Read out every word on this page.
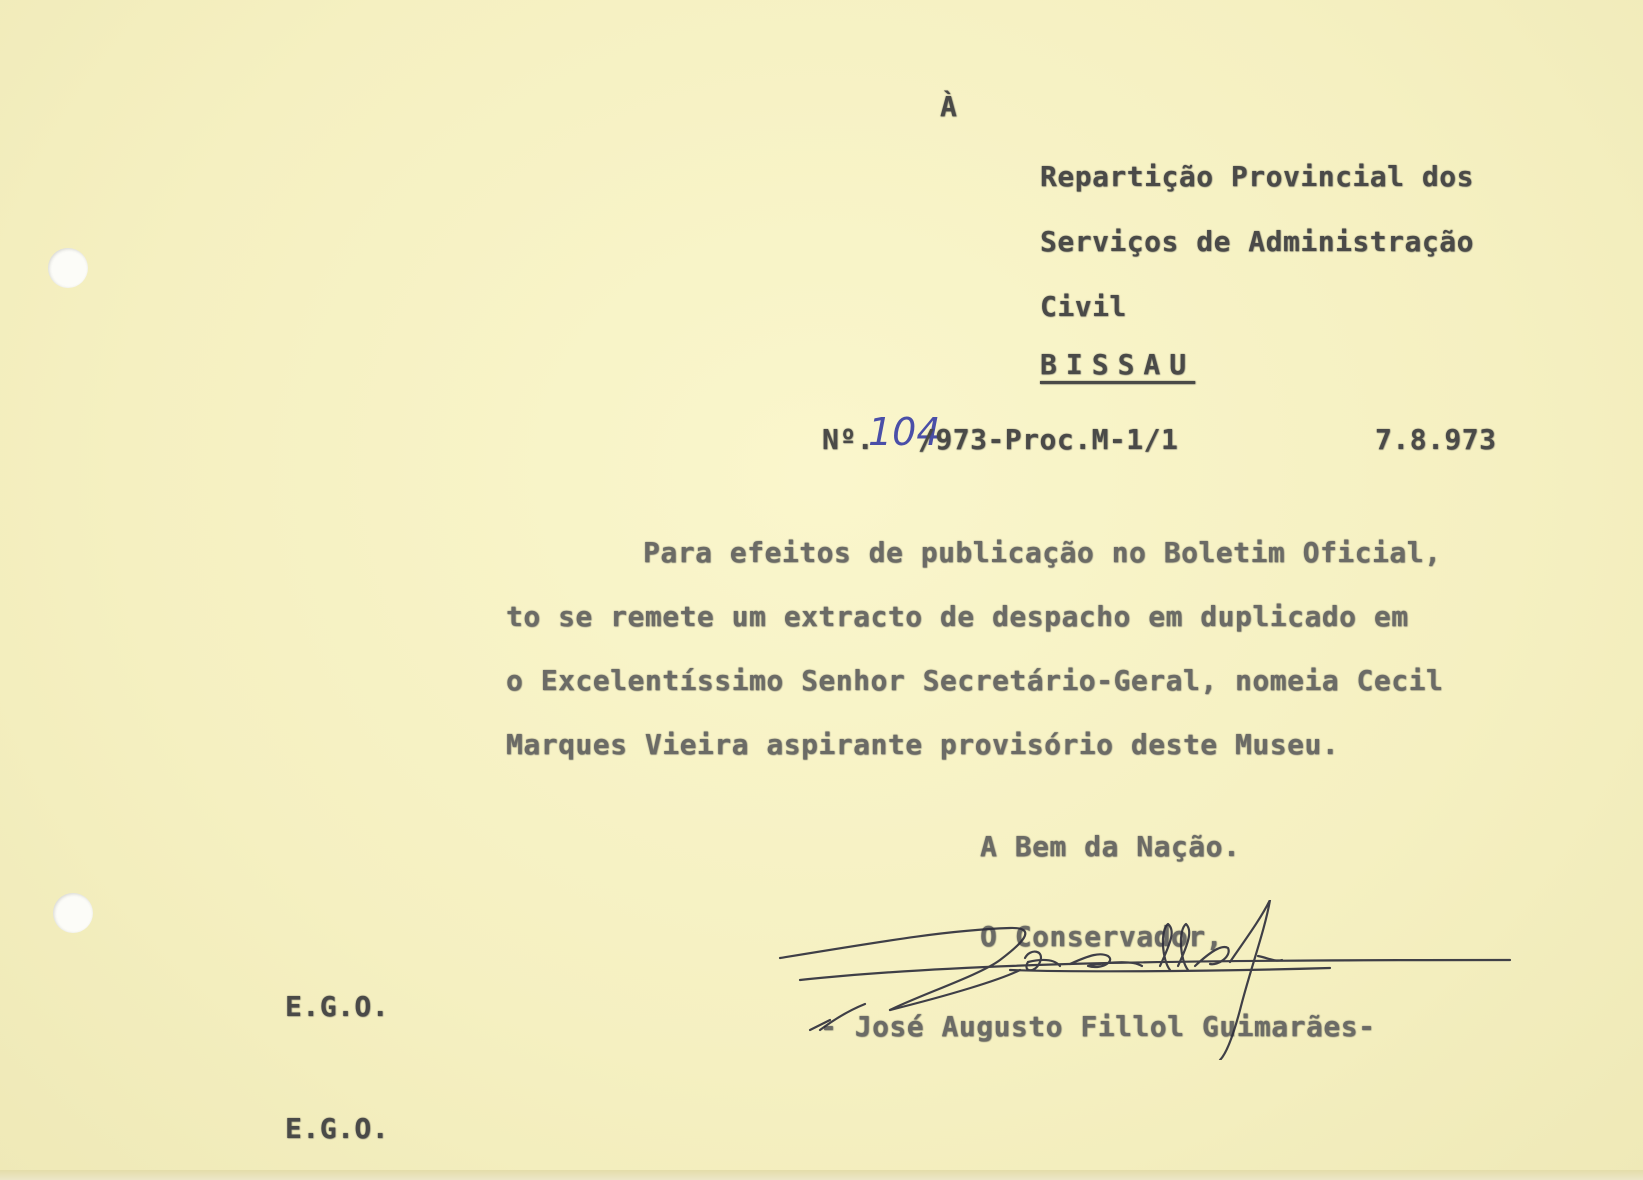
À
Repartição Provincial dos
Serviços de Administração
Civil
BISSAU
Nº.
104
/973-Proc.M-1/1	7.8.973
Para efeitos de publicação no Boletim Oficial,
to se remete um extracto de despacho em duplicado em
o Excelentíssimo Senhor Secretário-Geral, nomeia Cecil
Marques Vieira aspirante provisório deste Museu.
A Bem da Nação.
O Conservador,
- José Augusto Fillol Guimarães-
E.G.O.
E.G.O.
